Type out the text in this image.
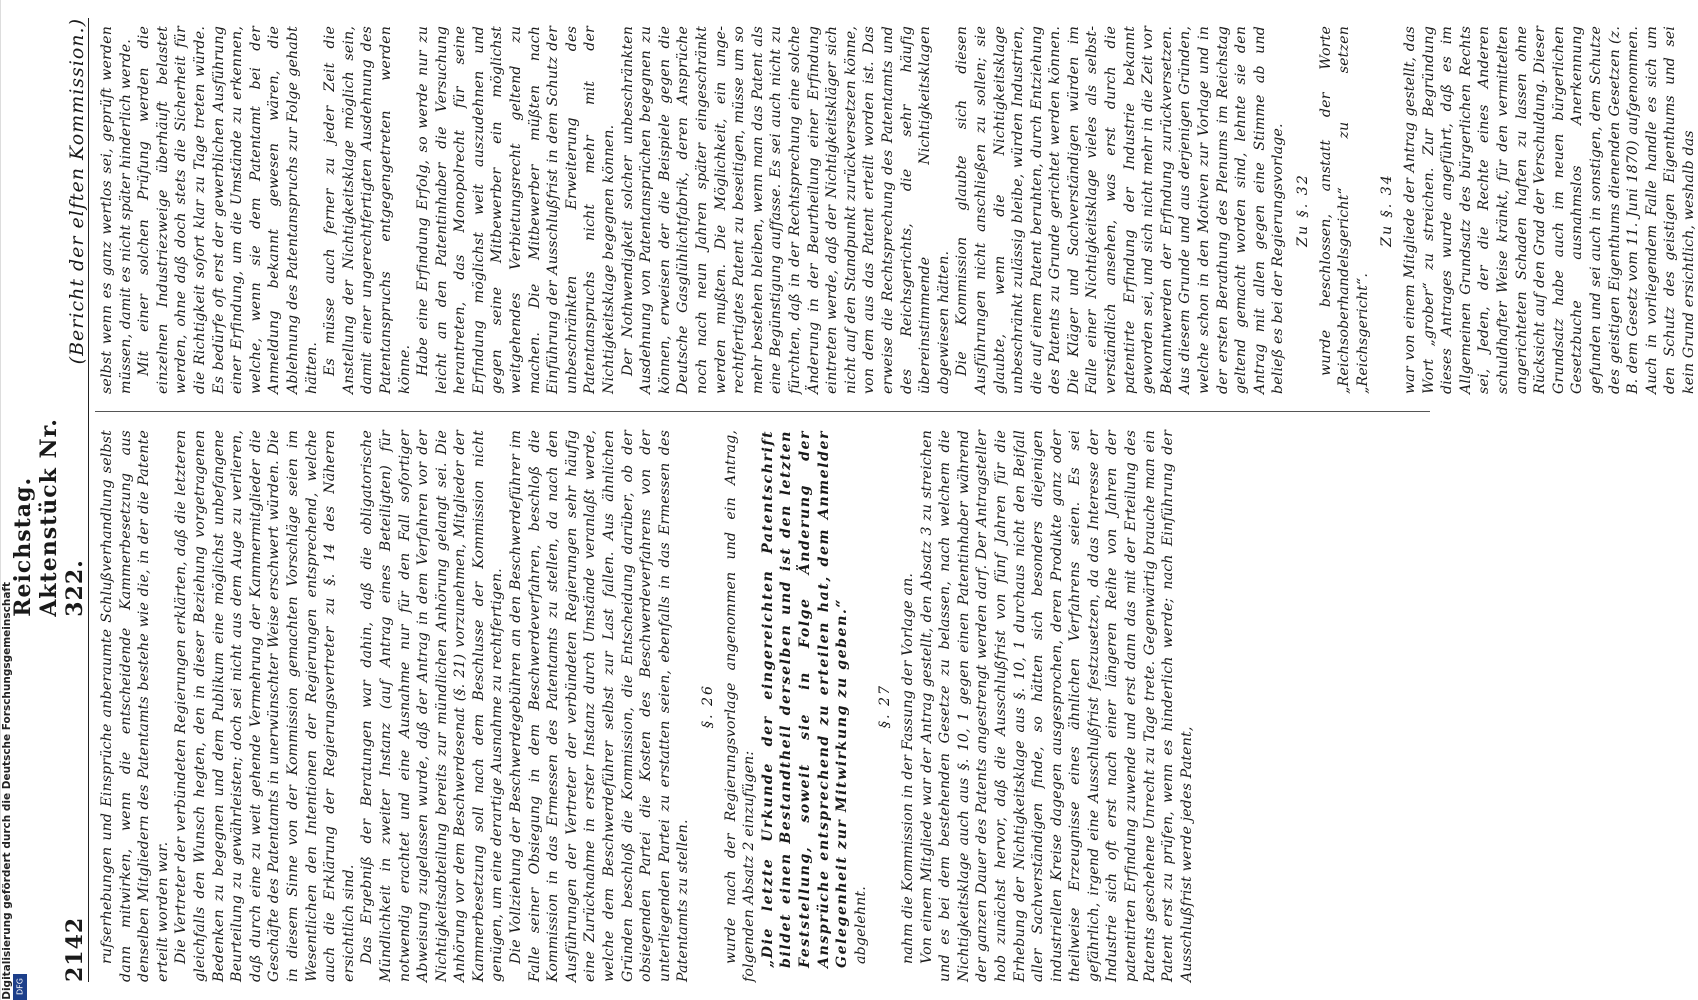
2142
Reichstag. Aktenstück Nr. 322.
(Bericht der elften Kommission.)

rufserhebungen und Einsprüche anberaumte Schlußverhandlung selbst dann mitwirken, wenn die entscheidende Kammerbesetzung aus denselben Mitgliedern des Patentamts bestehe wie die, in der die Patente erteilt worden war. Die Vertreter der verbündeten Regierungen erklärten, daß die letzteren gleichfalls den Wunsch hegten, den in dieser Beziehung vorgetragenen Bedenken zu begegnen und dem Publikum eine möglichst unbefangene Beurteilung zu gewährleisten; doch sei nicht aus dem Auge zu verlieren, daß durch eine zu weit gehende Vermehrung der Kammermitglieder die Geschäfte des Patentamts in unerwünschter Weise erschwert würden. Die in diesem Sinne von der Kommission gemachten Vorschläge seien im Wesentlichen den Intentionen der Regierungen entsprechend, welche auch die Erklärung der Regierungsvertreter zu §. 14 des Näheren ersichtlich sind. Das Ergebniß der Beratungen war dahin, daß die obligatorische Mündlichkeit in zweiter Instanz (auf Antrag eines Beteiligten) für notwendig erachtet und eine Ausnahme nur für den Fall sofortiger Abweisung zugelassen wurde, daß der Antrag in dem Verfahren vor der Nichtigkeitsabteilung bereits zur mündlichen Anhörung gelangt sei. Die Anhörung vor dem Beschwerdesenat (§. 21) vorzunehmen, Mitglieder der Kammerbesetzung soll nach dem Beschlusse der Kommission nicht genügen, um eine derartige Ausnahme zu rechtfertigen. Die Vollziehung der Beschwerdegebühren an den Beschwerdeführer im Falle seiner Obsiegung in dem Beschwerdeverfahren, beschloß die Kommission in das Ermessen des Patentamts zu stellen, da nach den Ausführungen der Vertreter der verbündeten Regierungen sehr häufig eine Zurücknahme in erster Instanz durch Umstände veranlaßt werde, welche dem Beschwerdeführer selbst zur Last fallen. Aus ähnlichen Gründen beschloß die Kommission, die Entscheidung darüber, ob der obsiegenden Partei die Kosten des Beschwerdeverfahrens von der unterliegenden Partei zu erstatten seien, ebenfalls in das Ermessen des Patentamts zu stellen.

§. 26 wurde nach der Regierungsvorlage angenommen und ein Antrag, folgenden Absatz 2 einzufügen: „Die letzte Urkunde der eingereichten Patentschrift bildet einen Bestandtheil derselben und ist den letzten Feststellung, soweit sie in Folge Änderung der Ansprüche entsprechend zu erteilen hat, dem Anmelder Gelegenheit zur Mitwirkung zu geben.“ abgelehnt.

§. 27 nahm die Kommission in der Fassung der Vorlage an. Von einem Mitgliede war der Antrag gestellt, den Absatz 3 zu streichen und es bei dem bestehenden Gesetze zu belassen, nach welchem die Nichtigkeitsklage auch aus §. 10, 1 gegen einen Patentinhaber während der ganzen Dauer des Patents angestrengt werden darf. Der Antragsteller hob zunächst hervor, daß die Ausschlußfrist von fünf Jahren für die Erhebung der Nichtigkeitsklage aus §. 10, 1 durchaus nicht den Beifall aller Sachverständigen finde, so hätten sich besonders diejenigen industriellen Kreise dagegen ausgesprochen, deren Produkte ganz oder theilweise Erzeugnisse eines ähnlichen Verfahrens seien. Es sei gefährlich, irgend eine Ausschlußfrist festzusetzen, da das Interesse der Industrie sich oft erst nach einer längeren Reihe von Jahren der patentirten Erfindung zuwende und erst dann das mit der Erteilung des Patents geschehene Unrecht zu Tage trete. Gegenwärtig brauche man ein Patent erst zu prüfen, wenn es hinderlich werde; nach Einführung der Ausschlußfrist werde jedes Patent,

selbst wenn es ganz wertlos sei, geprüft werden müssen, damit es nicht später hinderlich werde. Mit einer solchen Prüfung werden die einzelnen Industriezweige überhäuft belastet werden, ohne daß doch stets die Sicherheit für die Richtigkeit sofort klar zu Tage treten würde. Es bedürfe oft erst der gewerblichen Ausführung einer Erfindung, um die Umstände zu erkennen, welche, wenn sie dem Patentamt bei der Anmeldung bekannt gewesen wären, die Ablehnung des Patentanspruchs zur Folge gehabt hätten. Es müsse auch ferner zu jeder Zeit die Anstellung der Nichtigkeitsklage möglich sein, damit einer ungerechtfertigten Ausdehnung des Patentanspruchs entgegengetreten werden könne. Habe eine Erfindung Erfolg, so werde nur zu leicht an den Patentinhaber die Versuchung herantreten, das Monopolrecht für seine Erfindung möglichst weit auszudehnen und gegen seine Mitbewerber ein möglichst weitgehendes Verbietungsrecht geltend zu machen. Die Mitbewerber müßten nach Einführung der Ausschlußfrist in dem Schutz der unbeschränkten Erweiterung des Patentanspruchs nicht mehr mit der Nichtigkeitsklage begegnen können. Der Nothwendigkeit solcher unbeschränkten Ausdehnung von Patentansprüchen begegnen zu können, erweisen der die Beispiele gegen die Deutsche Gasglühlichtfabrik, deren Ansprüche noch nach neun Jahren später eingeschränkt werden mußten. Die Möglichkeit, ein ungerechtfertigtes Patent zu beseitigen, müsse um so mehr bestehen bleiben, wenn man das Patent als eine Begünstigung auffasse. Es sei auch nicht zu fürchten, daß in der Rechtsprechung eine solche Änderung in der Beurtheilung einer Erfindung eintreten werde, daß der Nichtigkeitskläger sich nicht auf den Standpunkt zurückversetzen könne, von dem aus das Patent erteilt worden ist. Das erweise die Rechtsprechung des Patentamts und des Reichsgerichts, die sehr häufig übereinstimmende Nichtigkeitsklagen abgewiesen hätten. Die Kommission glaubte sich diesen Ausführungen nicht anschließen zu sollen; sie glaubte, wenn die Nichtigkeitsklage unbeschränkt zulässig bleibe, würden Industrien, die auf einem Patent beruhten, durch Entziehung des Patents zu Grunde gerichtet werden können. Die Kläger und Sachverständigen würden im Falle einer Nichtigkeitsklage vieles als selbstverständlich ansehen, was erst durch die patentirte Erfindung der Industrie bekannt geworden sei, und sich nicht mehr in die Zeit vor Bekanntwerden der Erfindung zurückversetzen. Aus diesem Grunde und aus derjenigen Gründen, welche schon in den Motiven zur Vorlage und in der ersten Berathung des Plenums im Reichstag geltend gemacht worden sind, lehnte sie den Antrag mit allen gegen eine Stimme ab und beließ es bei der Regierungsvorlage. Zu §. 32 wurde beschlossen, anstatt der Worte „Reichsoberhandelsgericht“ zu setzen „Reichsgericht“.

Zu §. 34 war von einem Mitgliede der Antrag gestellt, das Wort „grober“ zu streichen. Zur Begründung dieses Antrages wurde angeführt, daß es im Allgemeinen Grundsatz des bürgerlichen Rechts sei, Jeden, der die Rechte eines Anderen schuldhafter Weise kränkt, für den vermittelten angerichteten Schaden haften zu lassen ohne Rücksicht auf den Grad der Verschuldung. Dieser Grundsatz habe auch im neuen bürgerlichen Gesetzbuche ausnahmslos Anerkennung gefunden und sei auch in sonstigen, dem Schutze des geistigen Eigenthums dienenden Gesetzen (z. B. dem Gesetz vom 11. Juni 1870) aufgenommen. Auch in vorliegendem Falle handle es sich um den Schutz des geistigen Eigenthums und sei kein Grund ersichtlich, weshalb das

Digitalisierung gefördert durch die Deutsche Forschungsgemeinschaft DFG
